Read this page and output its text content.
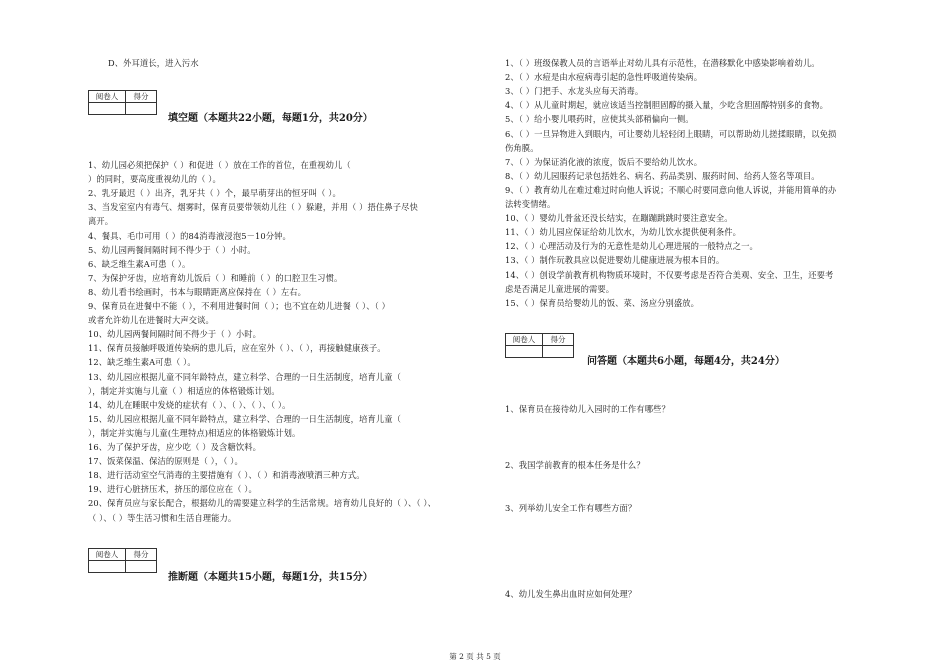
D、外耳道长，进入污水
阅卷人	得分

填空题（本题共22小题，每题1分，共20分）
1、幼儿园必须把保护（ ）和促进（ ）放在工作的首位，在重视幼儿（
）的同时，要高度重视幼儿的（ ）。
2、乳牙最迟（ ）出齐，乳牙共（ ）个，最早萌芽出的恒牙叫（ ）。
3、当发室室内有毒气、烟雾时，保育员要带领幼儿往（ ）躲避，并用（ ）捂住鼻子尽快
离开。
4、餐具、毛巾可用（ ）的84消毒液浸泡5－10分钟。
5、幼儿园两餐间隔时间不得少于（ ）小时。
6、缺乏维生素A可患（ ）。
7、为保护牙齿，应培育幼儿饭后（ ）和睡前（ ）的口腔卫生习惯。
8、幼儿看书绘画时，书本与眼睛距离应保持在（ ）左右。
9、保育员在进餐中不能（ ），不利用进餐时间（ ）；也不宜在幼儿进餐（ ）、（ ）
或者允许幼儿在进餐时大声交谈。
10、幼儿园两餐间隔时间不得少于（ ）小时。
11、保育员接触呼吸道传染病的患儿后，应在室外（ ）、（ ），再接触健康孩子。
12、缺乏维生素A可患（ ）。
13、幼儿园应根据儿童不同年龄特点，建立科学、合理的一日生活制度，培育儿童（
），制定并实施与儿童（ ）相适应的体格锻炼计划。
14、幼儿在睡眠中发烧的症状有（ ）、（ ）、（ ）、（ ）。
15、幼儿园应根据儿童不同年龄特点，建立科学、合理的一日生活制度，培育儿童（
），制定并实施与儿童(生理特点)相适应的体格锻炼计划。
16、为了保护牙齿，应少吃（ ）及含糖饮料。
17、饭菜保温、保洁的原则是（ ），（ ）。
18、进行活动室空气消毒的主要措施有（ ）、（ ）和消毒液喷洒三种方式。
19、进行心脏挤压术，挤压的部位应在（ ）。
20、保育员应与家长配合，根据幼儿的需要建立科学的生活常规。培育幼儿良好的（ ）、（ ）、
（ ）、（ ）等生活习惯和生活自理能力。
阅卷人	得分

推断题（本题共15小题，每题1分，共15分）
1、（ ）班级保教人员的言语举止对幼儿具有示范性，在潜移默化中感染影响着幼儿。
2、（ ）水痘是由水痘病毒引起的急性呼吸道传染病。
3、（ ）门把手、水龙头应每天消毒。
4、（ ）从儿童时期起，就应该适当控制胆固醇的摄入量，少吃含胆固醇特别多的食物。
5、（ ）给小婴儿喂药时，应使其头部稍偏向一侧。
6、（ ）一旦异物进入到眼内，可让婴幼儿轻轻闭上眼睛，可以帮助幼儿搓揉眼睛，以免损
伤角膜。
7、（ ）为保证消化液的浓度，饭后不要给幼儿饮水。
8、（ ）幼儿园服药记录包括姓名、病名、药品类别、服药时间、给药人签名等项目。
9、（ ）教育幼儿在难过难过时向他人诉说；不顺心时要同意向他人诉说，并能用简单的办
法转变情绪。
10、（ ）婴幼儿骨盆还没长结实，在蹦蹦跳跳时要注意安全。
11、（ ）幼儿园应保证给幼儿饮水，为幼儿饮水提供便利条件。
12、（ ）心理活动及行为的无意性是幼儿心理进展的一般特点之一。
13、（ ）制作玩教具应以促进婴幼儿健康进展为根本目的。
14、（ ）创设学前教育机构物质环境时，不仅要考虑是否符合美观、安全、卫生，还要考
虑是否满足儿童进展的需要。
15、（ ）保育员给婴幼儿的饭、菜、汤应分别盛放。
阅卷人	得分

问答题（本题共6小题，每题4分，共24分）
1、保育员在接待幼儿入园时的工作有哪些？
2、我国学前教育的根本任务是什么？
3、列举幼儿安全工作有哪些方面？
4、幼儿发生鼻出血时应如何处理？
第 2 页 共 5 页
